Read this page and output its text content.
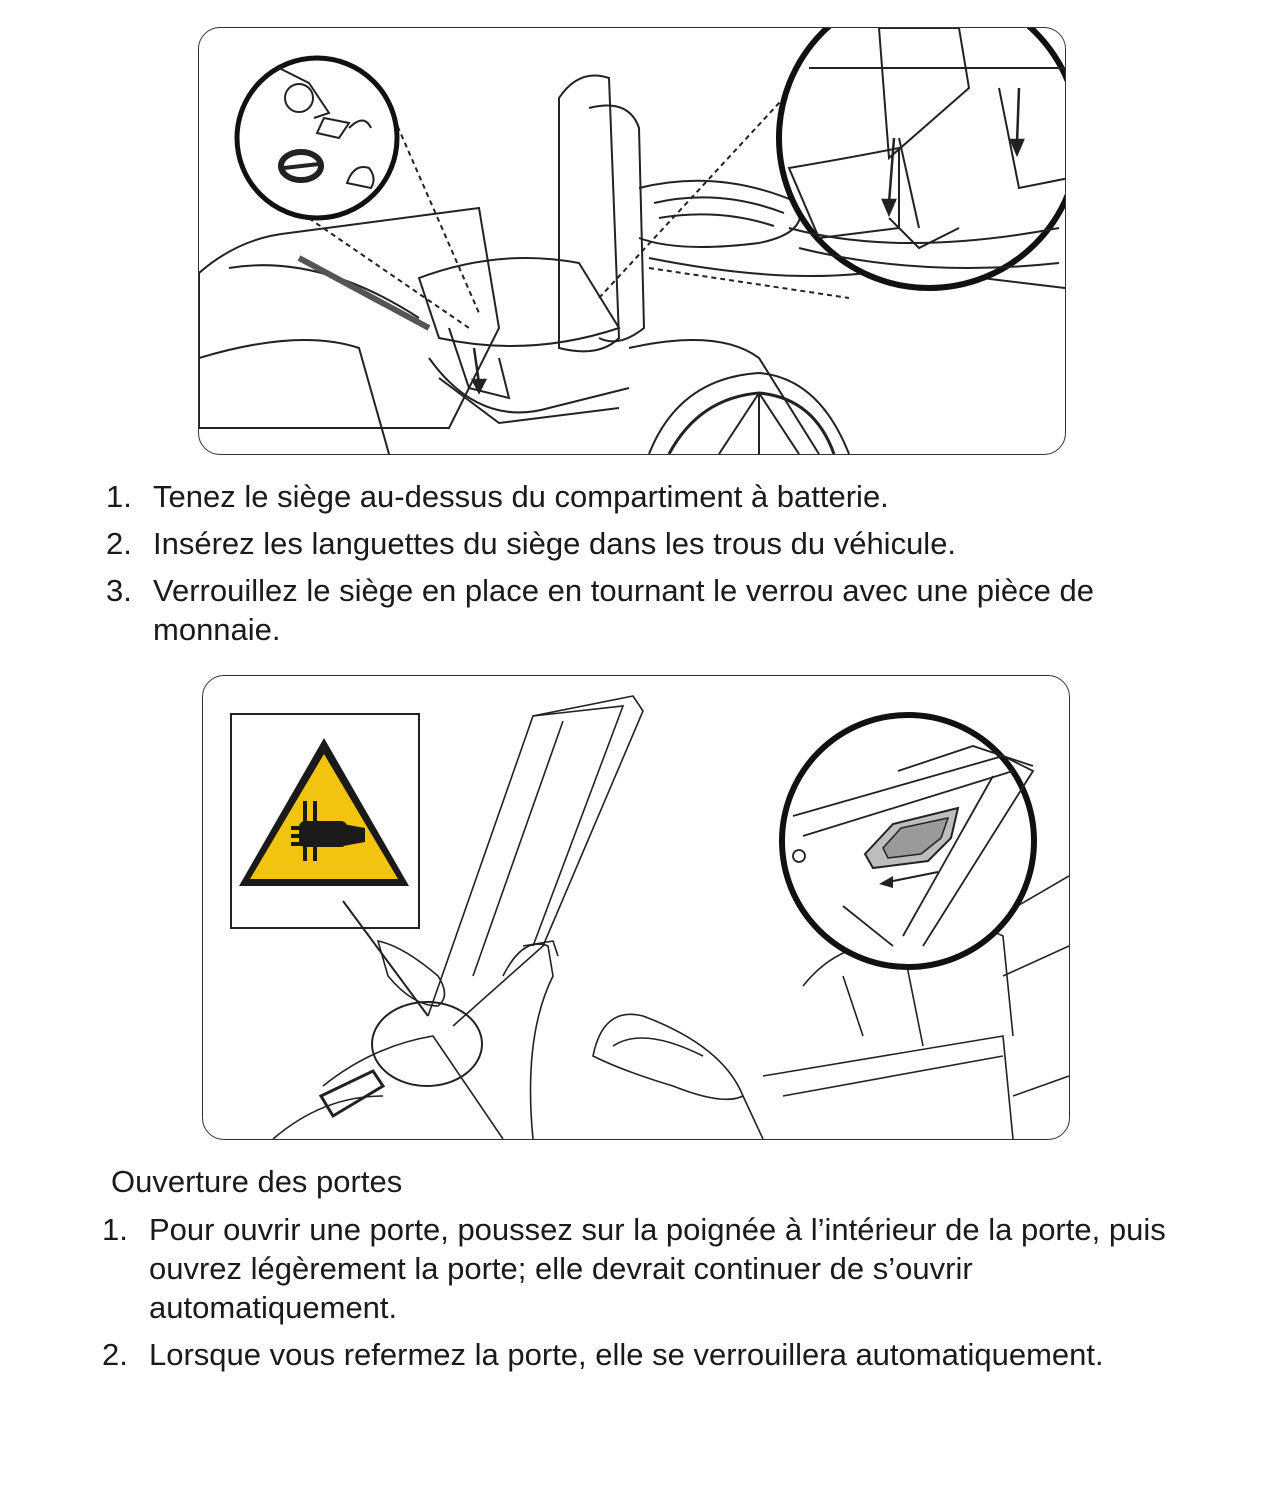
1. Tenez le siège au-dessus du compartiment à batterie.
2. Insérez les languettes du siège dans les trous du véhicule.
3. Verrouillez le siège en place en tournant le verrou avec une pièce de monnaie.
Ouverture des portes
1. Pour ouvrir une porte, poussez sur la poignée à l’intérieur de la porte, puis ouvrez légèrement la porte; elle devrait continuer de s’ouvrir automatiquement.
2. Lorsque vous refermez la porte, elle se verrouillera automatiquement.
